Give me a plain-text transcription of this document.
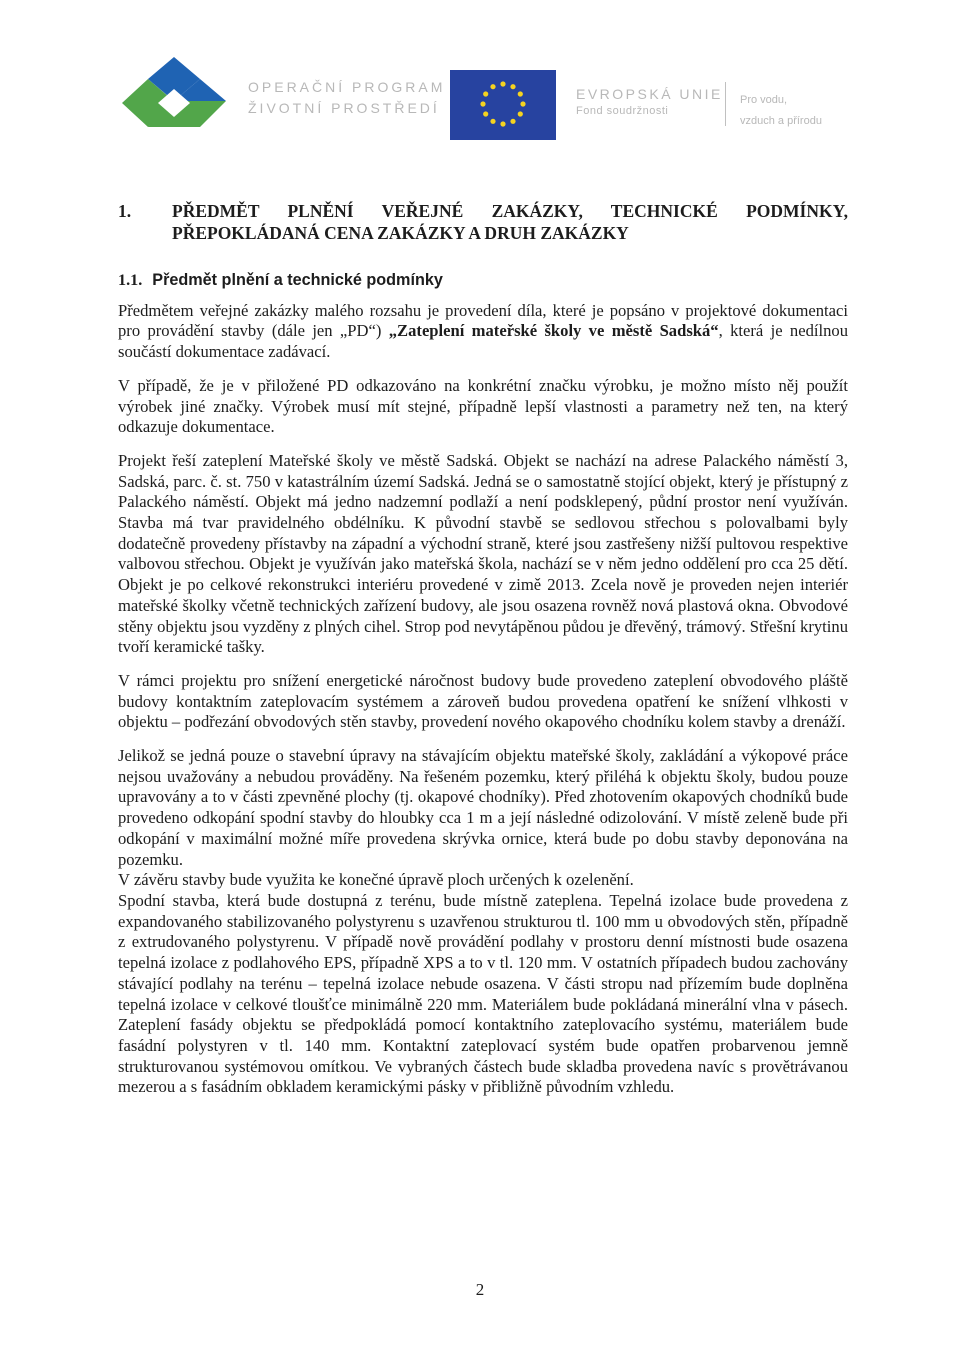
OPERAČNÍ PROGRAM
ŽIVOTNÍ PROSTŘEDÍ
EVROPSKÁ UNIE
Fond soudržnosti
Pro vodu,
vzduch a přírodu
1.	PŘEDMĚT PLNĚNÍ VEŘEJNÉ ZAKÁZKY, TECHNICKÉ PODMÍNKY,
PŘEPOKLÁDANÁ CENA ZAKÁZKY A DRUH ZAKÁZKY
1.1. Předmět plnění a technické podmínky

Předmětem veřejné zakázky malého rozsahu je provedení díla, které je popsáno v projektové dokumentaci pro provádění stavby (dále jen „PD“) „Zateplení mateřské školy ve městě Sadská“, která je nedílnou součástí dokumentace zadávací.

V případě, že je v přiložené PD odkazováno na konkrétní značku výrobku, je možno místo něj použít výrobek jiné značky. Výrobek musí mít stejné, případně lepší vlastnosti a parametry než ten, na který odkazuje dokumentace.

Projekt řeší zateplení Mateřské školy ve městě Sadská. Objekt se nachází na adrese Palackého náměstí 3, Sadská, parc. č. st. 750 v katastrálním území Sadská. Jedná se o samostatně stojící objekt, který je přístupný z Palackého náměstí. Objekt má jedno nadzemní podlaží a není podsklepený, půdní prostor není využíván. Stavba má tvar pravidelného obdélníku. K původní stavbě se sedlovou střechou s polovalbami byly dodatečně provedeny přístavby na západní a východní straně, které jsou zastřešeny nižší pultovou respektive valbovou střechou. Objekt je využíván jako mateřská škola, nachází se v něm jedno oddělení pro cca 25 dětí. Objekt je po celkové rekonstrukci interiéru provedené v zimě 2013. Zcela nově je proveden nejen interiér mateřské školky včetně technických zařízení budovy, ale jsou osazena rovněž nová plastová okna. Obvodové stěny objektu jsou vyzděny z plných cihel. Strop pod nevytápěnou půdou je dřevěný, trámový. Střešní krytinu tvoří keramické tašky.

V rámci projektu pro snížení energetické náročnost budovy bude provedeno zateplení obvodového pláště budovy kontaktním zateplovacím systémem a zároveň budou provedena opatření ke snížení vlhkosti v objektu – podřezání obvodových stěn stavby, provedení nového okapového chodníku kolem stavby a drenáží.

Jelikož se jedná pouze o stavební úpravy na stávajícím objektu mateřské školy, zakládání a výkopové práce nejsou uvažovány a nebudou prováděny. Na řešeném pozemku, který přiléhá k objektu školy, budou pouze upravovány a to v části zpevněné plochy (tj. okapové chodníky). Před zhotovením okapových chodníků bude provedeno odkopání spodní stavby do hloubky cca 1 m a její následné odizolování. V místě zeleně bude při odkopání v maximální možné míře provedena skrývka ornice, která bude po dobu stavby deponována na pozemku.

V závěru stavby bude využita ke konečné úpravě ploch určených k ozelenění.

Spodní stavba, která bude dostupná z terénu, bude místně zateplena. Tepelná izolace bude provedena z expandovaného stabilizovaného polystyrenu s uzavřenou strukturou tl. 100 mm u obvodových stěn, případně z extrudovaného polystyrenu. V případě nově provádění podlahy v prostoru denní místnosti bude osazena tepelná izolace z podlahového EPS, případně XPS a to v tl. 120 mm. V ostatních případech budou zachovány stávající podlahy na terénu – tepelná izolace nebude osazena. V části stropu nad přízemím bude doplněna tepelná izolace v celkové tloušťce minimálně 220 mm. Materiálem bude pokládaná minerální vlna v pásech. Zateplení fasády objektu se předpokládá pomocí kontaktního zateplovacího systému, materiálem bude fasádní polystyren v tl. 140 mm. Kontaktní zateplovací systém bude opatřen probarvenou jemně strukturovanou systémovou omítkou. Ve vybraných částech bude skladba provedena navíc s provětrávanou mezerou a s fasádním obkladem keramickými pásky v přibližně původním vzhledu.

2
